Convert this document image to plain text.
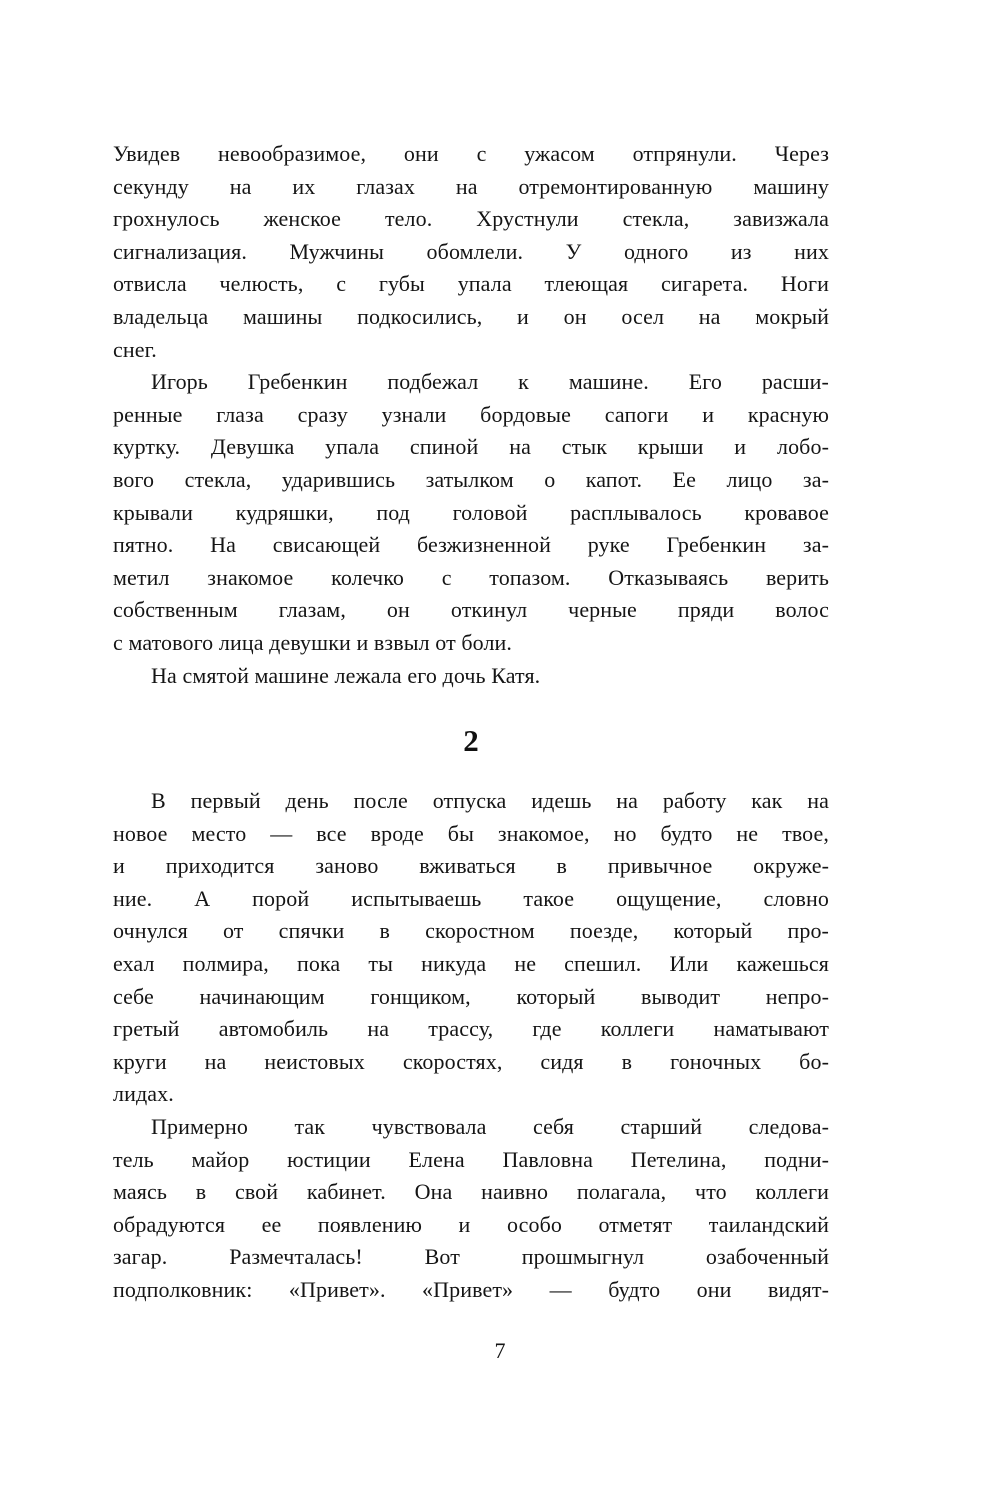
Увидев невообразимое, они с ужасом отпрянули. Через
секунду на их глазах на отремонтированную машину
грохнулось женское тело. Хрустнули стекла, завизжала
сигнализация. Мужчины обомлели. У одного из них
отвисла челюсть, с губы упала тлеющая сигарета. Ноги
владельца машины подкосились, и он осел на мокрый
снег.
Игорь Гребенкин подбежал к машине. Его расши-
ренные глаза сразу узнали бордовые сапоги и красную
куртку. Девушка упала спиной на стык крыши и лобо-
вого стекла, ударившись затылком о капот. Ее лицо за-
крывали кудряшки, под головой расплывалось кровавое
пятно. На свисающей безжизненной руке Гребенкин за-
метил знакомое колечко с топазом. Отказываясь верить
собственным глазам, он откинул черные пряди волос
с матового лица девушки и взвыл от боли.
На смятой машине лежала его дочь Катя.
2
В первый день после отпуска идешь на работу как на
новое место — все вроде бы знакомое, но будто не твое,
и приходится заново вживаться в привычное окруже-
ние. А порой испытываешь такое ощущение, словно
очнулся от спячки в скоростном поезде, который про-
ехал полмира, пока ты никуда не спешил. Или кажешься
себе начинающим гонщиком, который выводит непро-
гретый автомобиль на трассу, где коллеги наматывают
круги на неистовых скоростях, сидя в гоночных бо-
лидах.
Примерно так чувствовала себя старший следова-
тель майор юстиции Елена Павловна Петелина, подни-
маясь в свой кабинет. Она наивно полагала, что коллеги
обрадуются ее появлению и особо отметят таиландский
загар. Размечталась! Вот прошмыгнул озабоченный
подполковник: «Привет». «Привет» — будто они видят-
7
